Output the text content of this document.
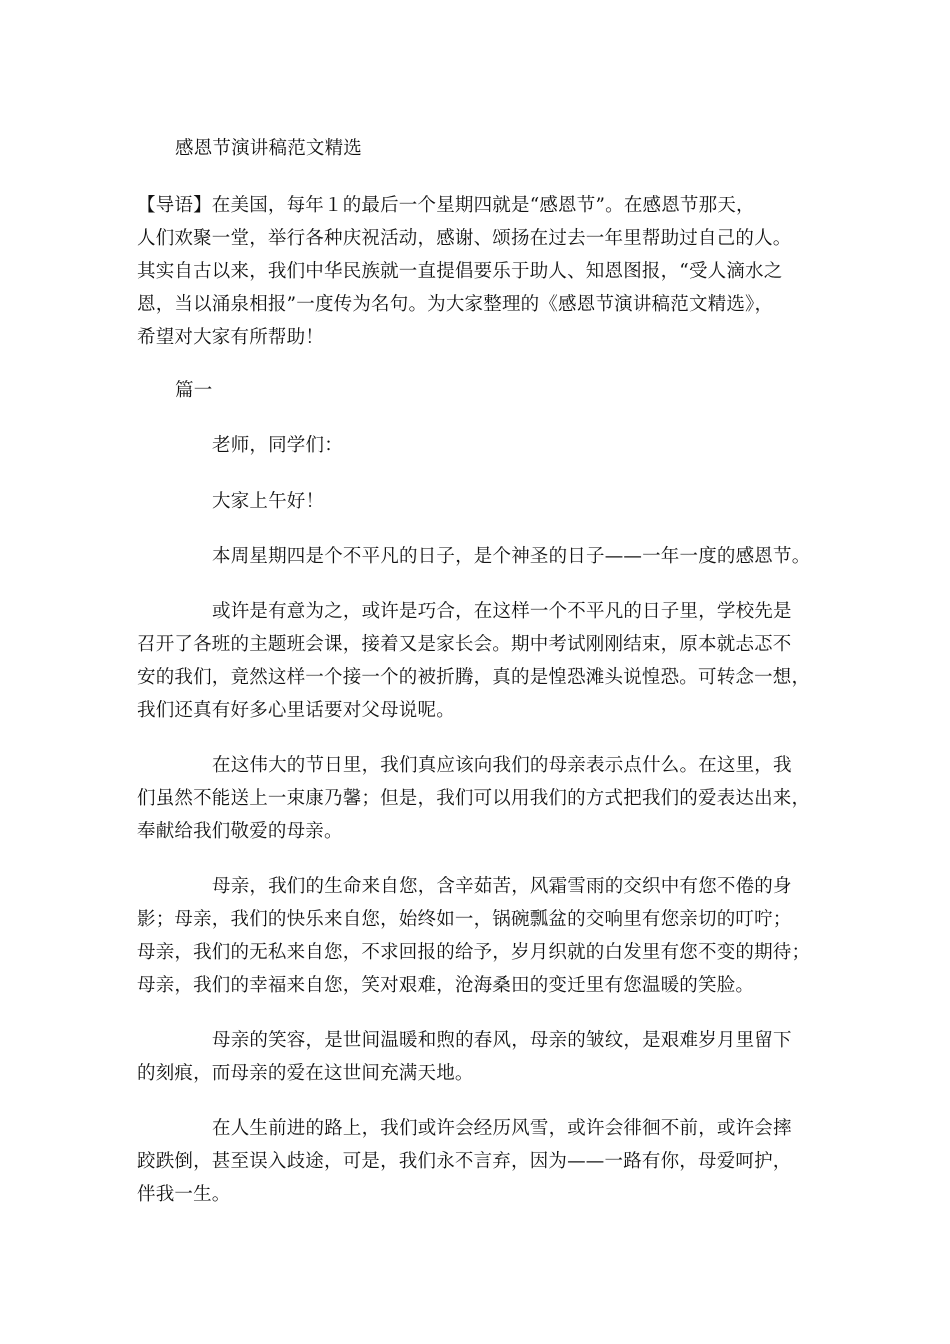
感恩节演讲稿范文精选
【导语】在美国，每年１的最后一个星期四就是“感恩节”。在感恩节那天，
人们欢聚一堂，举行各种庆祝活动，感谢、颂扬在过去一年里帮助过自己的人。
其实自古以来，我们中华民族就一直提倡要乐于助人、知恩图报，“受人滴水之
恩，当以涌泉相报”一度传为名句。为大家整理的《感恩节演讲稿范文精选》，
希望对大家有所帮助！
篇一
老师，同学们：
大家上午好！
本周星期四是个不平凡的日子，是个神圣的日子——一年一度的感恩节。
或许是有意为之，或许是巧合，在这样一个不平凡的日子里，学校先是
召开了各班的主题班会课，接着又是家长会。期中考试刚刚结束，原本就忐忑不
安的我们，竟然这样一个接一个的被折腾，真的是惶恐滩头说惶恐。可转念一想，
我们还真有好多心里话要对父母说呢。
在这伟大的节日里，我们真应该向我们的母亲表示点什么。在这里，我
们虽然不能送上一束康乃馨；但是，我们可以用我们的方式把我们的爱表达出来，
奉献给我们敬爱的母亲。
母亲，我们的生命来自您，含辛茹苦，风霜雪雨的交织中有您不倦的身
影；母亲，我们的快乐来自您，始终如一，锅碗瓢盆的交响里有您亲切的叮咛；
母亲，我们的无私来自您，不求回报的给予，岁月织就的白发里有您不变的期待；
母亲，我们的幸福来自您，笑对艰难，沧海桑田的变迁里有您温暖的笑脸。
母亲的笑容，是世间温暖和煦的春风，母亲的皱纹，是艰难岁月里留下
的刻痕，而母亲的爱在这世间充满天地。
在人生前进的路上，我们或许会经历风雪，或许会徘徊不前，或许会摔
跤跌倒，甚至误入歧途，可是，我们永不言弃，因为——一路有你，母爱呵护，
伴我一生。
